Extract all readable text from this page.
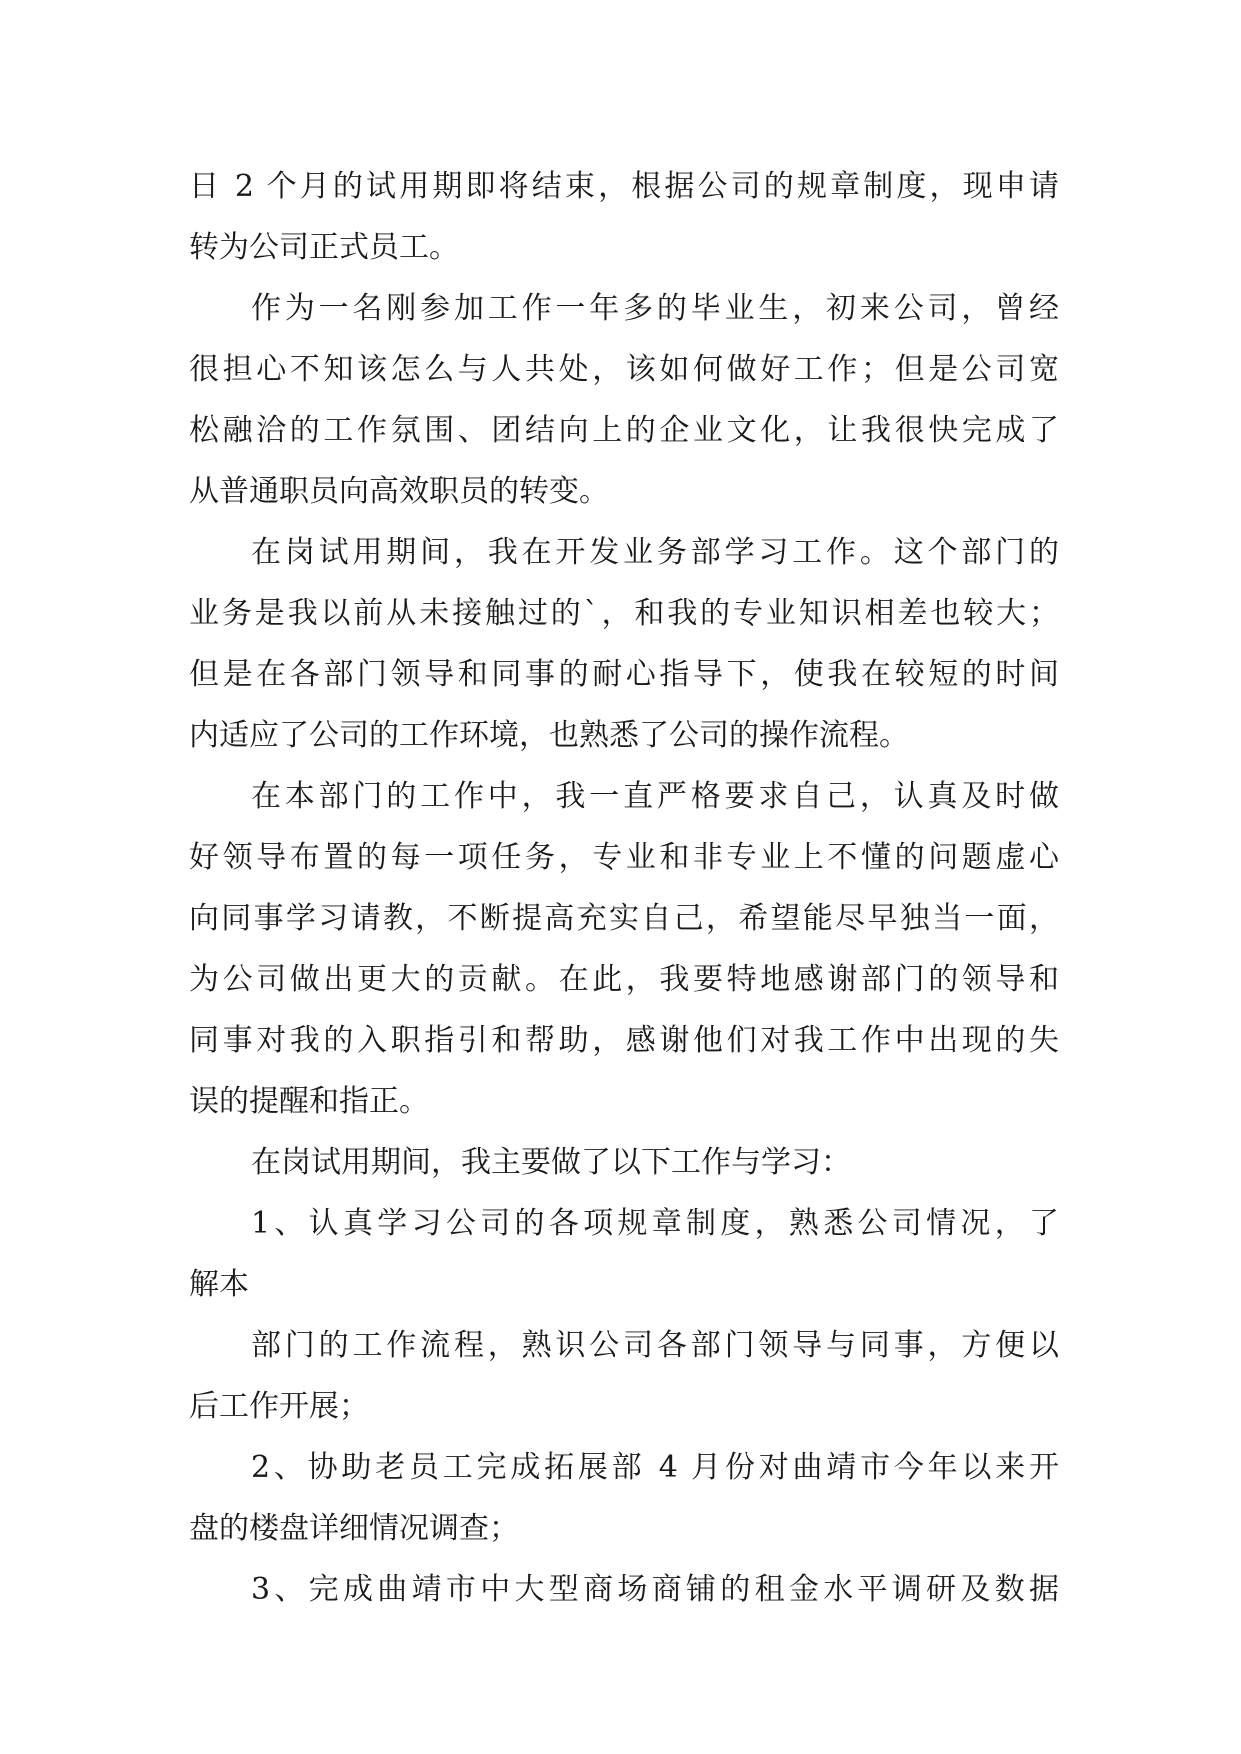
日 2 个月的试用期即将结束，根据公司的规章制度，现申请
转为公司正式员工。
作为一名刚参加工作一年多的毕业生，初来公司，曾经
很担心不知该怎么与人共处，该如何做好工作；但是公司宽
松融洽的工作氛围、团结向上的企业文化，让我很快完成了
从普通职员向高效职员的转变。
在岗试用期间，我在开发业务部学习工作。这个部门的
业务是我以前从未接触过的`，和我的专业知识相差也较大；
但是在各部门领导和同事的耐心指导下，使我在较短的时间
内适应了公司的工作环境，也熟悉了公司的操作流程。
在本部门的工作中，我一直严格要求自己，认真及时做
好领导布置的每一项任务，专业和非专业上不懂的问题虚心
向同事学习请教，不断提高充实自己，希望能尽早独当一面，
为公司做出更大的贡献。在此，我要特地感谢部门的领导和
同事对我的入职指引和帮助，感谢他们对我工作中出现的失
误的提醒和指正。
在岗试用期间，我主要做了以下工作与学习：
1、认真学习公司的各项规章制度，熟悉公司情况，了
解本
部门的工作流程，熟识公司各部门领导与同事，方便以
后工作开展；
2、协助老员工完成拓展部 4 月份对曲靖市今年以来开
盘的楼盘详细情况调查；
3、完成曲靖市中大型商场商铺的租金水平调研及数据
